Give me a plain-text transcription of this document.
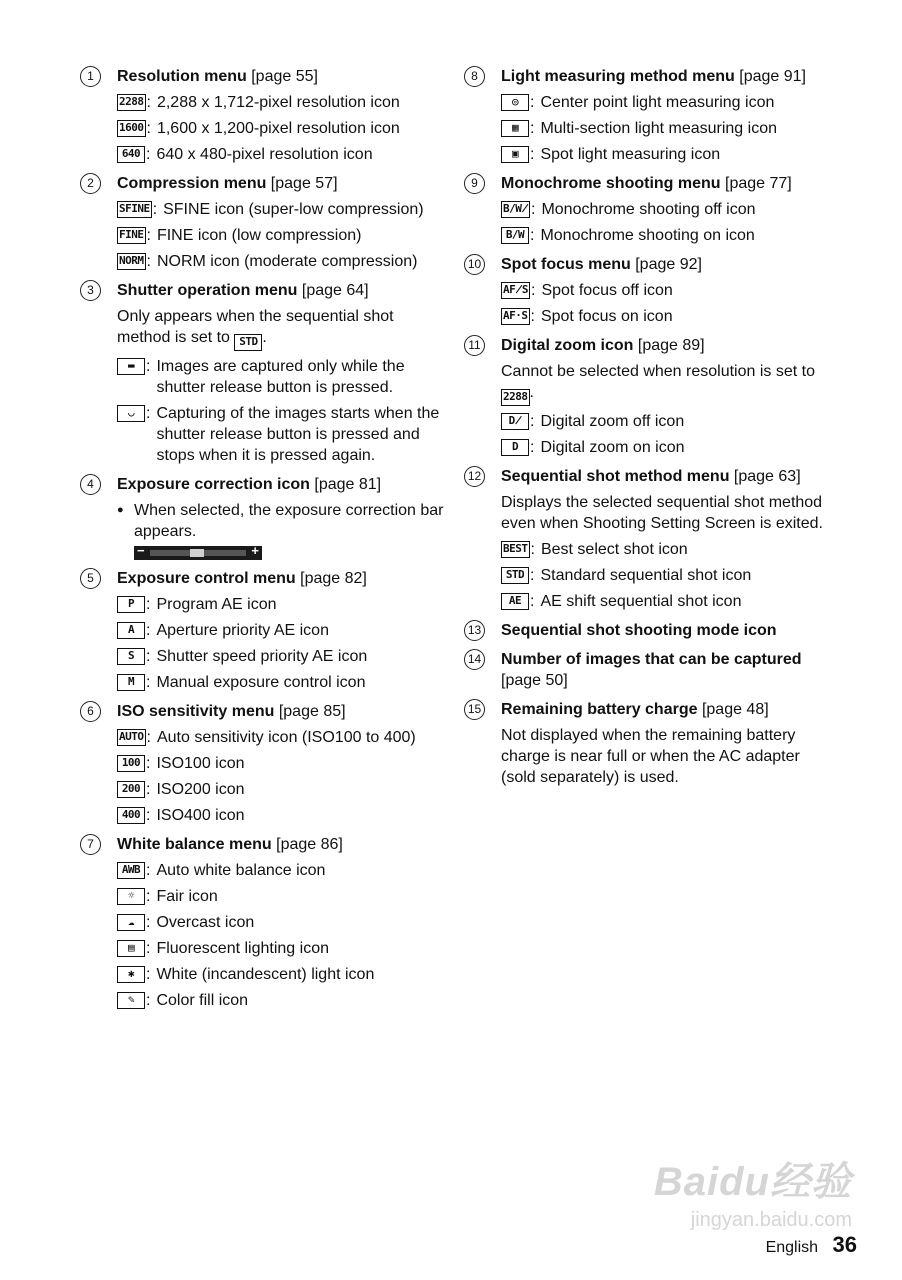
1	Resolution menu [page 55]
2288 : 2,288 x 1,712-pixel resolution icon
1600 : 1,600 x 1,200-pixel resolution icon
640 : 640 x 480-pixel resolution icon
2	Compression menu [page 57]
SFINE : SFINE icon (super-low compression)
FINE : FINE icon (low compression)
NORM : NORM icon (moderate compression)
3	Shutter operation menu [page 64]
Only appears when the sequential shot method is set to STD .
▬ : Images are captured only while the shutter release button is pressed.
◡ : Capturing of the images starts when the shutter release button is pressed and stops when it is pressed again.
4	Exposure correction icon [page 81]
● When selected, the exposure correction bar appears.
−	+
5	Exposure control menu [page 82]
P : Program AE icon
A : Aperture priority AE icon
S : Shutter speed priority AE icon
M : Manual exposure control icon
6	ISO sensitivity menu [page 85]
AUTO : Auto sensitivity icon (ISO100 to 400)
100 : ISO100 icon
200 : ISO200 icon
400 : ISO400 icon
7	White balance menu [page 86]
AWB : Auto white balance icon
☼ : Fair icon
☁ : Overcast icon
▤ : Fluorescent lighting icon
✱ : White (incandescent) light icon
✎ : Color fill icon
8	Light measuring method menu [page 91]
◎ : Center point light measuring icon
▦ : Multi-section light measuring icon
▣ : Spot light measuring icon
9	Monochrome shooting menu [page 77]
B/W̸ : Monochrome shooting off icon
B/W : Monochrome shooting on icon
10 Spot focus menu [page 92]
AF̸S : Spot focus off icon
AF·S : Spot focus on icon
11 Digital zoom icon [page 89]
Cannot be selected when resolution is set to 2288 .
D̸ : Digital zoom off icon
D : Digital zoom on icon
12 Sequential shot method menu [page 63]
Displays the selected sequential shot method even when Shooting Setting Screen is exited.
BEST : Best select shot icon
STD : Standard sequential shot icon
AE : AE shift sequential shot icon
13 Sequential shot shooting mode icon
14 Number of images that can be captured [page 50]
15 Remaining battery charge [page 48]
Not displayed when the remaining battery charge is near full or when the AC adapter (sold separately) is used.
Baidu经验
jingyan.baidu.com
English 36
